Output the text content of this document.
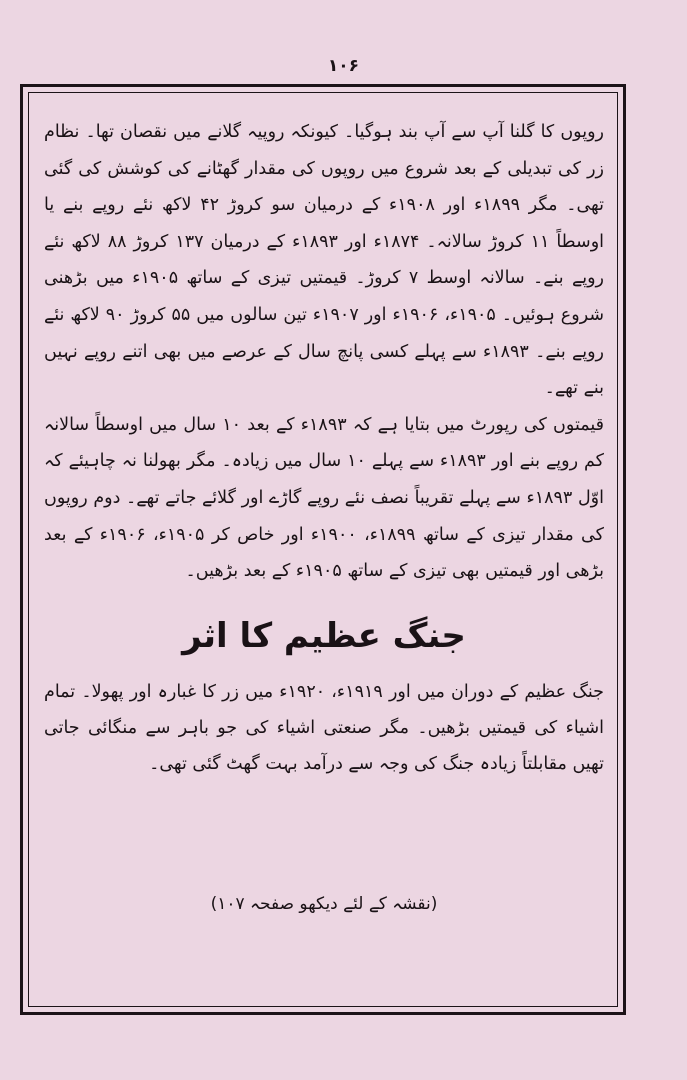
۱۰۶

روپوں کا گلنا آپ سے آپ بند ہوگیا۔ کیونکہ روپیہ گلانے میں نقصان تھا۔ نظام زر کی تبدیلی کے بعد شروع میں روپوں کی مقدار گھٹانے کی کوشش کی گئی تھی۔ مگر ۱۸۹۹ء اور ۱۹۰۸ء کے درمیان سو کروڑ ۴۲ لاکھ نئے روپے بنے یا اوسطاً ۱۱ کروڑ سالانہ۔ ۱۸۷۴ء اور ۱۸۹۳ء کے درمیان ۱۳۷ کروڑ ۸۸ لاکھ نئے روپے بنے۔ سالانہ اوسط ۷ کروڑ۔ قیمتیں تیزی کے ساتھ ۱۹۰۵ء میں بڑھنی شروع ہوئیں۔ ۱۹۰۵ء، ۱۹۰۶ء اور ۱۹۰۷ء تین سالوں میں ۵۵ کروڑ ۹۰ لاکھ نئے روپے بنے۔ ۱۸۹۳ء سے پہلے کسی پانچ سال کے عرصے میں بھی اتنے روپے نہیں بنے تھے۔

قیمتوں کی رپورٹ میں بتایا ہے کہ ۱۸۹۳ء کے بعد ۱۰ سال میں اوسطاً سالانہ کم روپے بنے اور ۱۸۹۳ء سے پہلے ۱۰ سال میں زیادہ۔ مگر بھولنا نہ چاہیئے کہ اوّل ۱۸۹۳ء سے پہلے تقریباً نصف نئے روپے گاڑے اور گلائے جاتے تھے۔ دوم روپوں کی مقدار تیزی کے ساتھ ۱۸۹۹ء، ۱۹۰۰ء اور خاص کر ۱۹۰۵ء، ۱۹۰۶ء کے بعد بڑھی اور قیمتیں بھی تیزی کے ساتھ ۱۹۰۵ء کے بعد بڑھیں۔

جنگ عظیم کا اثر

جنگ عظیم کے دوران میں اور ۱۹۱۹ء، ۱۹۲۰ء میں زر کا غبارہ اور پھولا۔ تمام اشیاء کی قیمتیں بڑھیں۔ مگر صنعتی اشیاء کی جو باہر سے منگائی جاتی تھیں مقابلتاً زیادہ جنگ کی وجہ سے درآمد بہت گھٹ گئی تھی۔

(نقشہ کے لئے دیکھو صفحہ ۱۰۷)
